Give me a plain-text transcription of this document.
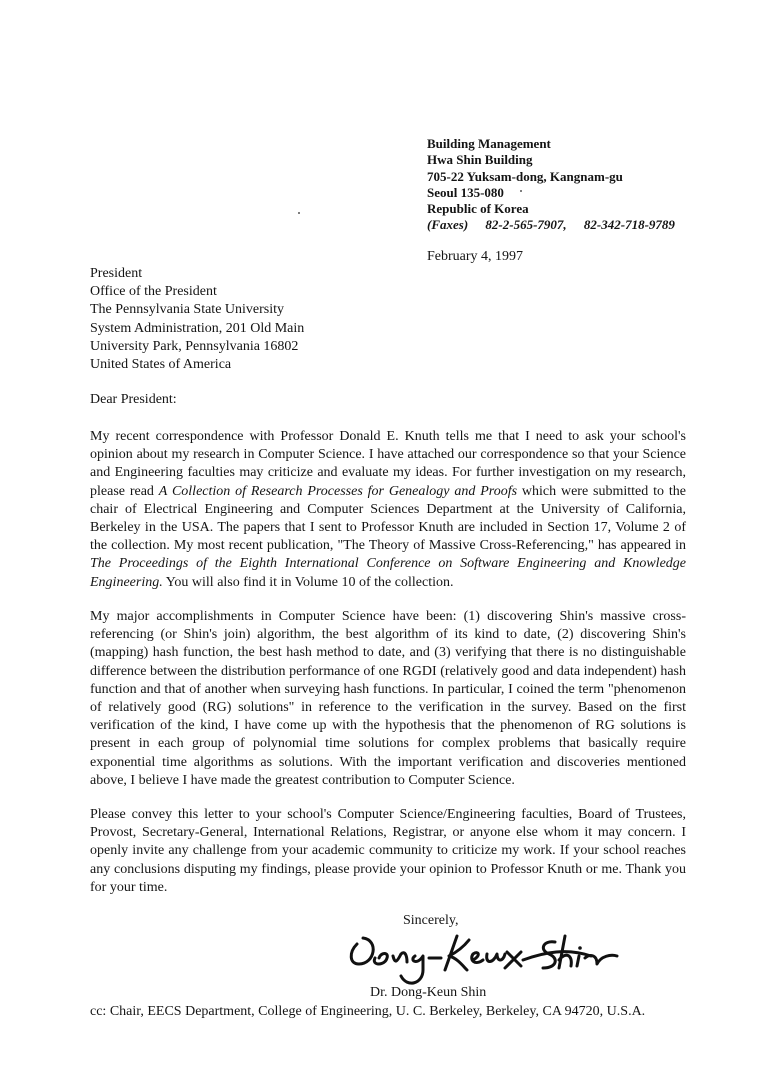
Building Management
Hwa Shin Building
705-22 Yuksam-dong, Kangnam-gu
Seoul 135-080
Republic of Korea
(Faxes) 82-2-565-7907, 82-342-718-9789
February 4, 1997
President
Office of the President
The Pennsylvania State University
System Administration, 201 Old Main
University Park, Pennsylvania 16802
United States of America
Dear President:
My recent correspondence with Professor Donald E. Knuth tells me that I need to ask your school's opinion about my research in Computer Science. I have attached our correspondence so that your Science and Engineering faculties may criticize and evaluate my ideas. For further investigation on my research, please read A Collection of Research Processes for Genealogy and Proofs which were submitted to the chair of Electrical Engineering and Computer Sciences Department at the University of California, Berkeley in the USA. The papers that I sent to Professor Knuth are included in Section 17, Volume 2 of the collection. My most recent publication, "The Theory of Massive Cross-Referencing," has appeared in The Proceedings of the Eighth International Conference on Software Engineering and Knowledge Engineering. You will also find it in Volume 10 of the collection.
My major accomplishments in Computer Science have been: (1) discovering Shin's massive cross-referencing (or Shin's join) algorithm, the best algorithm of its kind to date, (2) discovering Shin's (mapping) hash function, the best hash method to date, and (3) verifying that there is no distinguishable difference between the distribution performance of one RGDI (relatively good and data independent) hash function and that of another when surveying hash functions. In particular, I coined the term "phenomenon of relatively good (RG) solutions" in reference to the verification in the survey. Based on the first verification of the kind, I have come up with the hypothesis that the phenomenon of RG solutions is present in each group of polynomial time solutions for complex problems that basically require exponential time algorithms as solutions. With the important verification and discoveries mentioned above, I believe I have made the greatest contribution to Computer Science.
Please convey this letter to your school's Computer Science/Engineering faculties, Board of Trustees, Provost, Secretary-General, International Relations, Registrar, or anyone else whom it may concern. I openly invite any challenge from your academic community to criticize my work. If your school reaches any conclusions disputing my findings, please provide your opinion to Professor Knuth or me. Thank you for your time.
Sincerely,
Dr. Dong-Keun Shin
cc: Chair, EECS Department, College of Engineering, U. C. Berkeley, Berkeley, CA 94720, U.S.A.
